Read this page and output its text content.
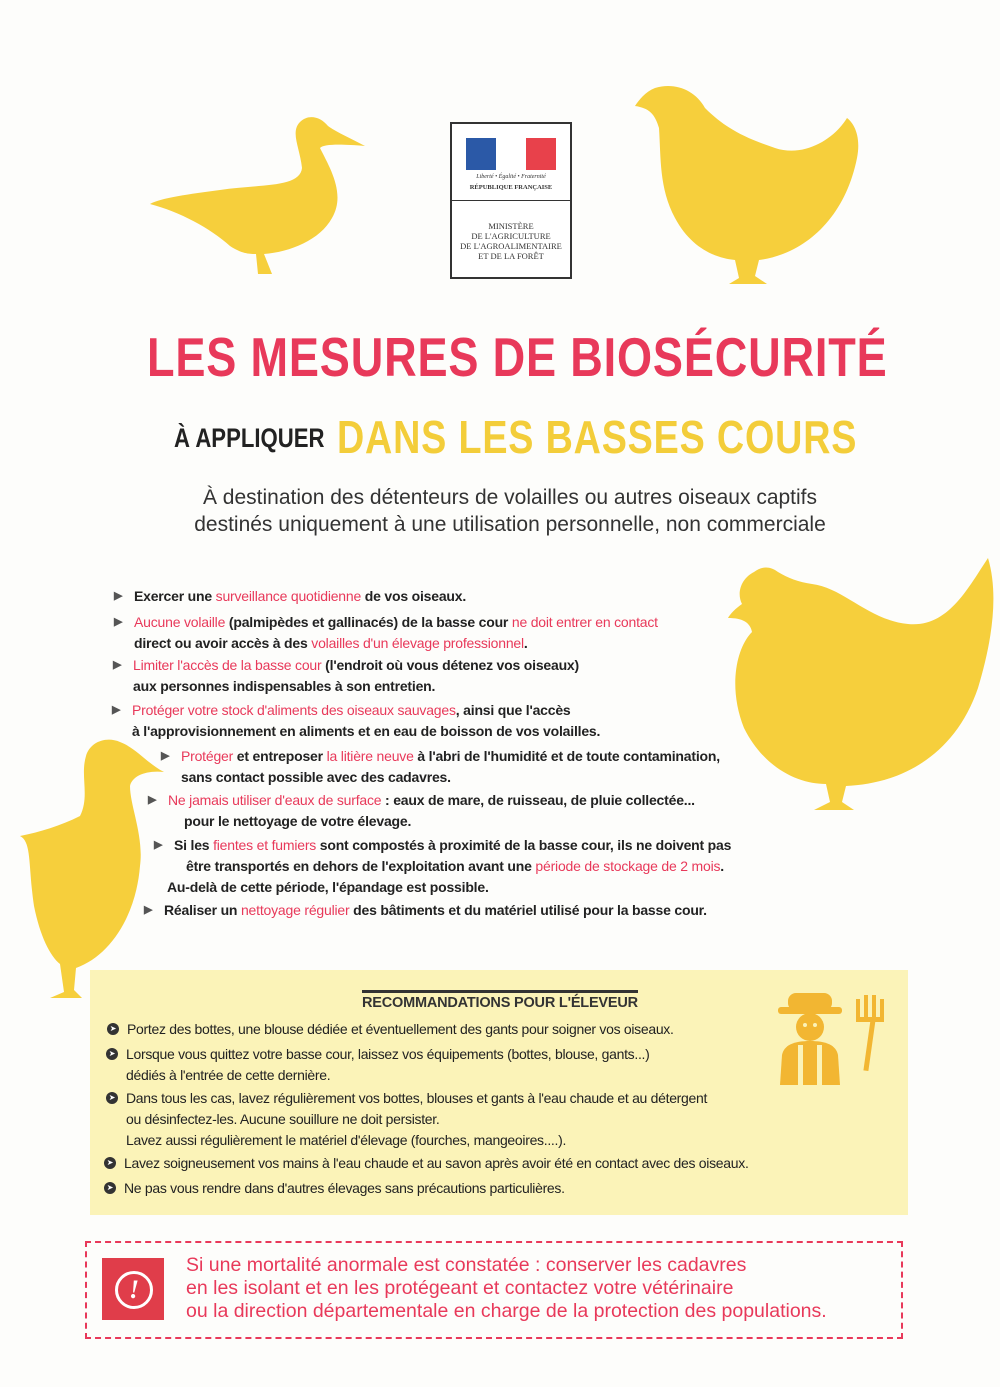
Liberté • Égalité • Fraternité
RÉPUBLIQUE FRANÇAISE
MINISTÈRE
DE L'AGRICULTURE
DE L'AGROALIMENTAIRE
ET DE LA FORÊT
LES MESURES DE BIOSÉCURITÉ
À APPLIQUER DANS LES BASSES COURS
À destination des détenteurs de volailles ou autres oiseaux captifs
destinés uniquement à une utilisation personnelle, non commerciale
▶ Exercer une surveillance quotidienne de vos oiseaux.
▶ Aucune volaille (palmipèdes et gallinacés) de la basse cour ne doit entrer en contact
direct ou avoir accès à des volailles d'un élevage professionnel.
▶ Limiter l'accès de la basse cour (l'endroit où vous détenez vos oiseaux)
aux personnes indispensables à son entretien.
▶ Protéger votre stock d'aliments des oiseaux sauvages, ainsi que l'accès
à l'approvisionnement en aliments et en eau de boisson de vos volailles.
▶ Protéger et entreposer la litière neuve à l'abri de l'humidité et de toute contamination,
sans contact possible avec des cadavres.
▶ Ne jamais utiliser d'eaux de surface : eaux de mare, de ruisseau, de pluie collectée...
pour le nettoyage de votre élevage.
▶ Si les fientes et fumiers sont compostés à proximité de la basse cour, ils ne doivent pas
être transportés en dehors de l'exploitation avant une période de stockage de 2 mois.
Au-delà de cette période, l'épandage est possible.
▶ Réaliser un nettoyage régulier des bâtiments et du matériel utilisé pour la basse cour.
RECOMMANDATIONS POUR L'ÉLEVEUR
➤ Portez des bottes, une blouse dédiée et éventuellement des gants pour soigner vos oiseaux.
➤ Lorsque vous quittez votre basse cour, laissez vos équipements (bottes, blouse, gants...)
dédiés à l'entrée de cette dernière.
➤ Dans tous les cas, lavez régulièrement vos bottes, blouses et gants à l'eau chaude et au détergent
ou désinfectez-les. Aucune souillure ne doit persister.
Lavez aussi régulièrement le matériel d'élevage (fourches, mangeoires....).
➤ Lavez soigneusement vos mains à l'eau chaude et au savon après avoir été en contact avec des oiseaux.
➤ Ne pas vous rendre dans d'autres élevages sans précautions particulières.
!
Si une mortalité anormale est constatée : conserver les cadavres
en les isolant et en les protégeant et contactez votre vétérinaire
ou la direction départementale en charge de la protection des populations.
